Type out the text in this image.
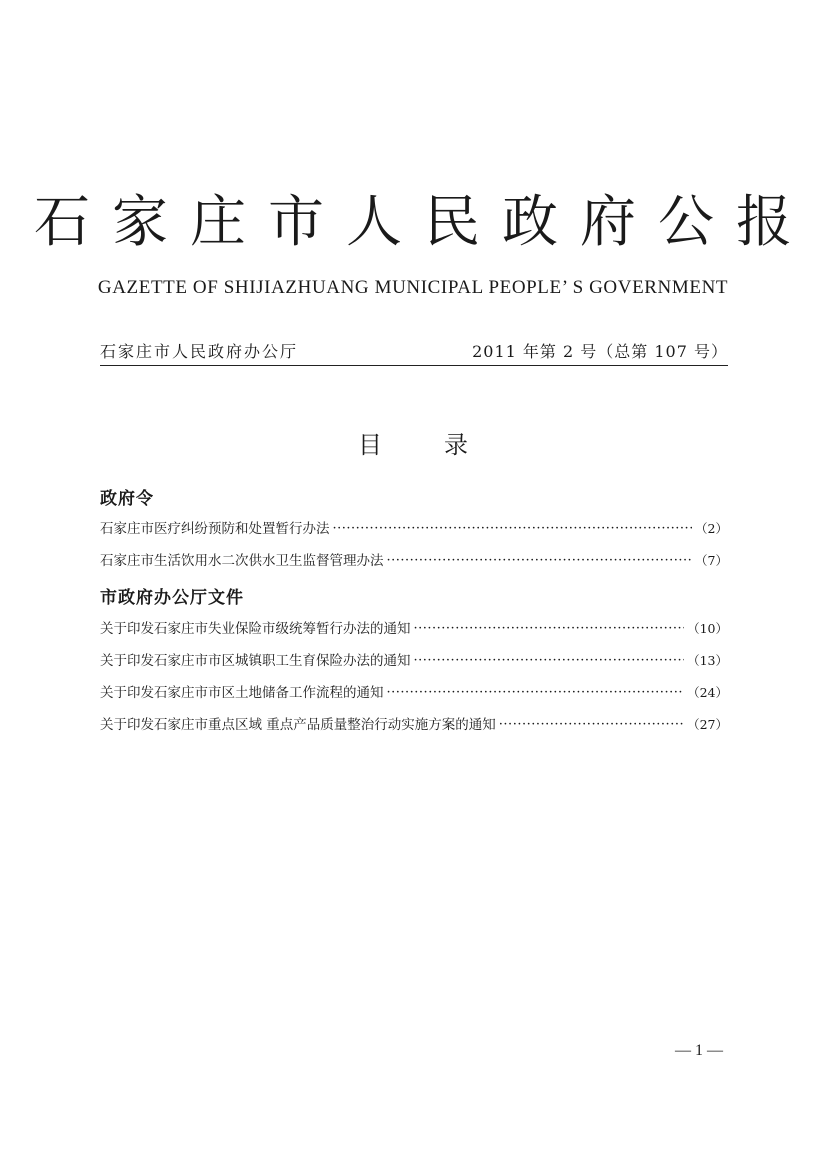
石家庄市人民政府公报
GAZETTE OF SHIJIAZHUANG MUNICIPAL PEOPLE’ S GOVERNMENT
石家庄市人民政府办公厅	2011 年第 2 号（总第 107 号）
目	录
政府令
石家庄市医疗纠纷预防和处置暂行办法 ·····	（2）
石家庄市生活饮用水二次供水卫生监督管理办法 ·····	（7）
市政府办公厅文件
关于印发石家庄市失业保险市级统筹暂行办法的通知 ·····	（10）
关于印发石家庄市市区城镇职工生育保险办法的通知 ·····	（13）
关于印发石家庄市市区土地储备工作流程的通知 ·····	（24）
关于印发石家庄市重点区域 重点产品质量整治行动实施方案的通知 ·····	（27）
— 1 —
